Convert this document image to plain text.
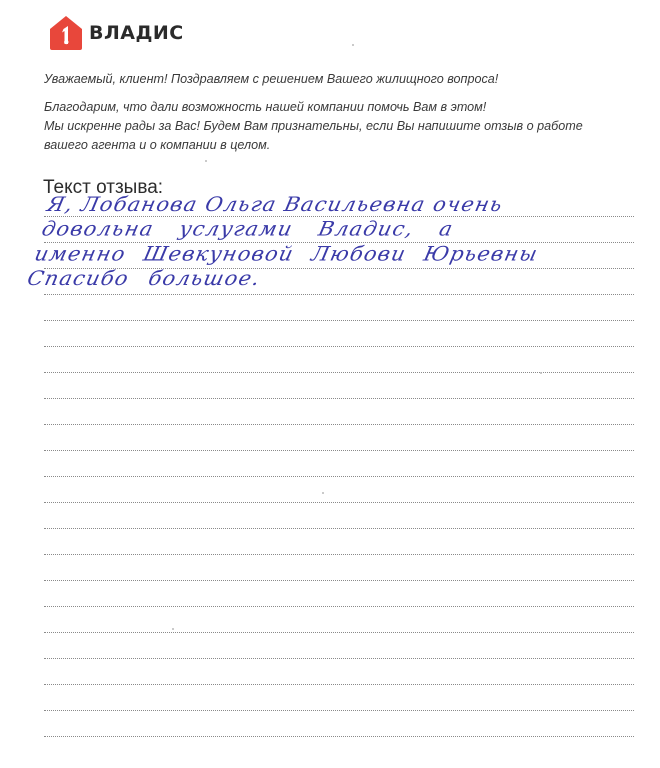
ВЛАДИС

Уважаемый, клиент! Поздравляем с решением Вашего жилищного вопроса!

Благодарим, что дали возможность нашей компании помочь Вам в этом!

Мы искренне рады за Вас! Будем Вам признательны, если Вы напишите отзыв о работе

вашего агента и о компании в целом.

Текст отзыва:
Я, Лобанова Ольга Васильевна очень
довольна услугами Владис, а
именно Шевкуновой Любови Юрьевны
Спасибо большое.
